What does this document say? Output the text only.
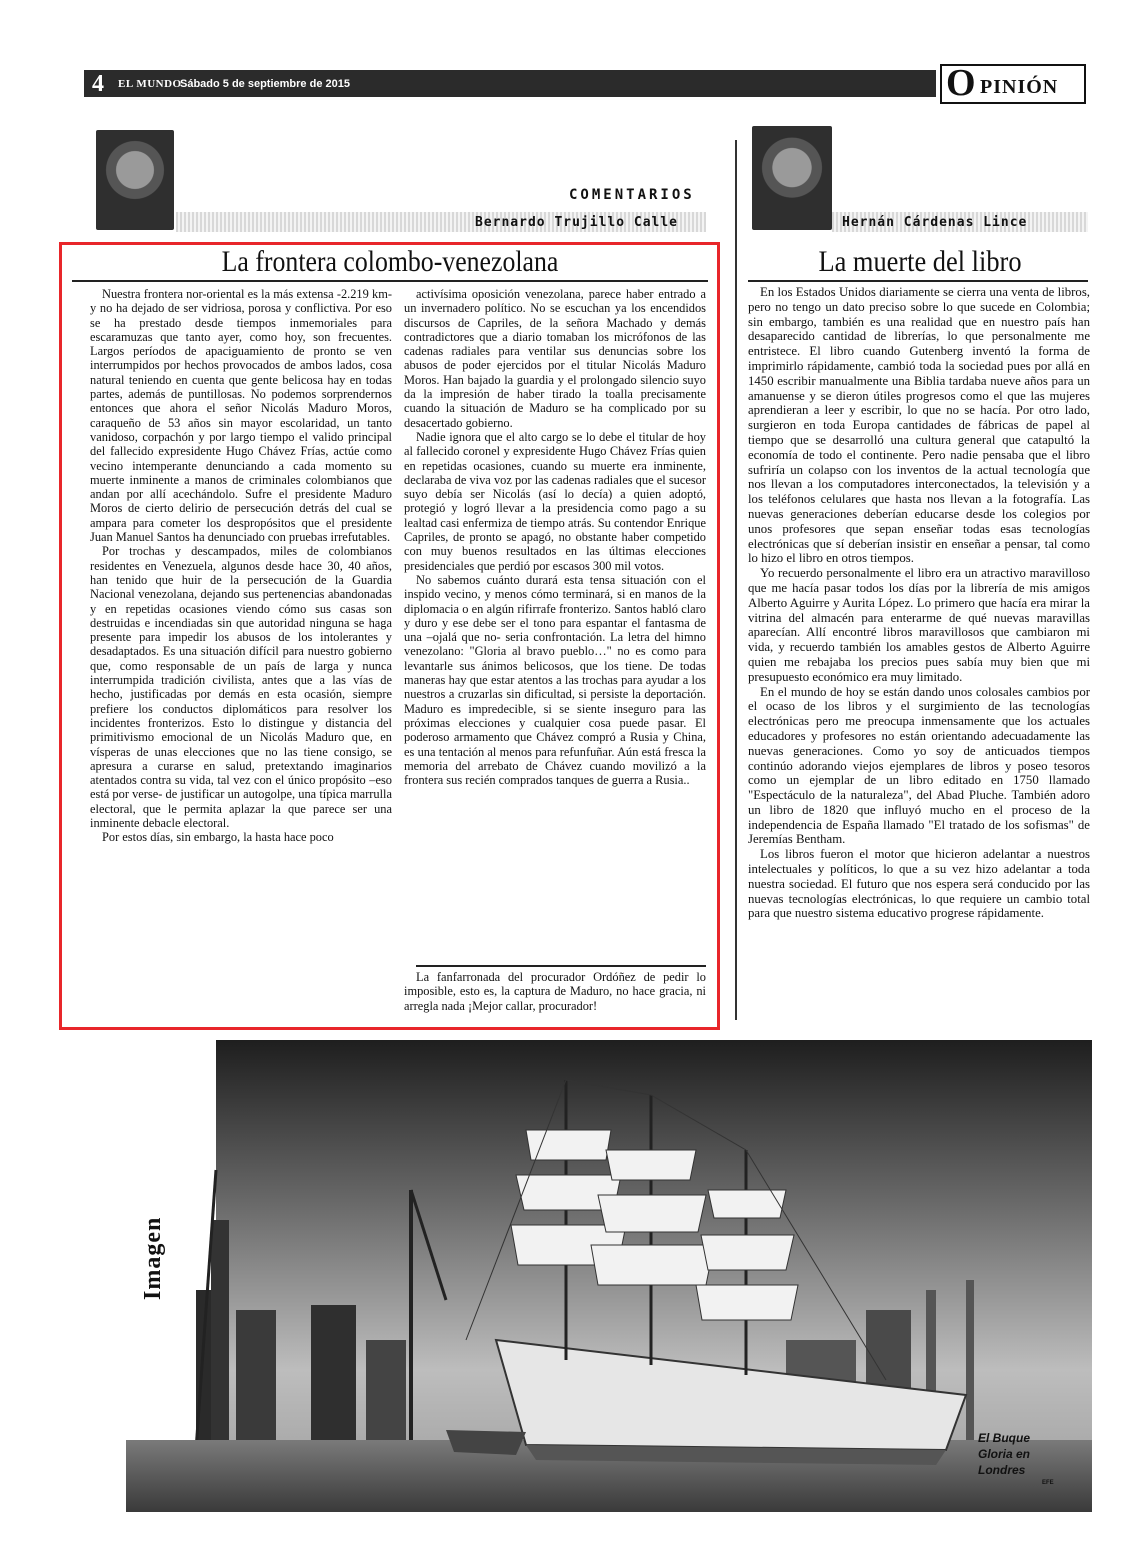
4 EL MUNDO
Sábado 5 de septiembre de 2015	O PINIÓN
COMENTARIOS
Bernardo Trujillo Calle	Hernán Cárdenas Lince
La frontera colombo-venezolana

Nuestra frontera nor-oriental es la más extensa -2.219 km- y no ha dejado de ser vidriosa, porosa y conflictiva. Por eso se ha prestado desde tiempos inmemoriales para escaramuzas que tanto ayer, como hoy, son frecuentes. Largos períodos de apaciguamiento de pronto se ven interrumpidos por hechos provocados de ambos lados, cosa natural teniendo en cuenta que gente belicosa hay en todas partes, además de puntillosas. No podemos sorprendernos entonces que ahora el señor Nicolás Maduro Moros, caraqueño de 53 años sin mayor escolaridad, un tanto vanidoso, corpachón y por largo tiempo el valido principal del fallecido expresidente Hugo Chávez Frías, actúe como vecino intemperante denunciando a cada momento su muerte inminente a manos de criminales colombianos que andan por allí acechándolo. Sufre el presidente Maduro Moros de cierto delirio de persecución detrás del cual se ampara para cometer los despropósitos que el presidente Juan Manuel Santos ha denunciado con pruebas irrefutables.

Por trochas y descampados, miles de colombianos residentes en Venezuela, algunos desde hace 30, 40 años, han tenido que huir de la persecución de la Guardia Nacional venezolana, dejando sus pertenencias abandonadas y en repetidas ocasiones viendo cómo sus casas son destruidas e incendiadas sin que autoridad ninguna se haga presente para impedir los abusos de los intolerantes y desadaptados. Es una situación difícil para nuestro gobierno que, como responsable de un país de larga y nunca interrumpida tradición civilista, antes que a las vías de hecho, justificadas por demás en esta ocasión, siempre prefiere los conductos diplomáticos para resolver los incidentes fronterizos. Esto lo distingue y distancia del primitivismo emocional de un Nicolás Maduro que, en vísperas de unas elecciones que no las tiene consigo, se apresura a curarse en salud, pretextando imaginarios atentados contra su vida, tal vez con el único propósito –eso está por verse- de justificar un autogolpe, una típica marrulla electoral, que le permita aplazar la que parece ser una inminente debacle electoral.

Por estos días, sin embargo, la hasta hace poco

activísima oposición venezolana, parece haber entrado a un invernadero político. No se escuchan ya los encendidos discursos de Capriles, de la señora Machado y demás contradictores que a diario tomaban los micrófonos de las cadenas radiales para ventilar sus denuncias sobre los abusos de poder ejercidos por el titular Nicolás Maduro Moros. Han bajado la guardia y el prolongado silencio suyo da la impresión de haber tirado la toalla precisamente cuando la situación de Maduro se ha complicado por su desacertado gobierno.

Nadie ignora que el alto cargo se lo debe el titular de hoy al fallecido coronel y expresidente Hugo Chávez Frías quien en repetidas ocasiones, cuando su muerte era inminente, declaraba de viva voz por las cadenas radiales que el sucesor suyo debía ser Nicolás (así lo decía) a quien adoptó, protegió y logró llevar a la presidencia como pago a su lealtad casi enfermiza de tiempo atrás. Su contendor Enrique Capriles, de pronto se apagó, no obstante haber competido con muy buenos resultados en las últimas elecciones presidenciales que perdió por escasos 300 mil votos.

No sabemos cuánto durará esta tensa situación con el inspido vecino, y menos cómo terminará, si en manos de la diplomacia o en algún rifirrafe fronterizo. Santos habló claro y duro y ese debe ser el tono para espantar el fantasma de una –ojalá que no- seria confrontación. La letra del himno venezolano: "Gloria al bravo pueblo…" no es como para levantarle sus ánimos belicosos, que los tiene. De todas maneras hay que estar atentos a las trochas para ayudar a los nuestros a cruzarlas sin dificultad, si persiste la deportación. Maduro es impredecible, si se siente inseguro para las próximas elecciones y cualquier cosa puede pasar. El poderoso armamento que Chávez compró a Rusia y China, es una tentación al menos para refunfuñar. Aún está fresca la memoria del arrebato de Chávez cuando movilizó a la frontera sus recién comprados tanques de guerra a Rusia..

La fanfarronada del procurador Ordóñez de pedir lo imposible, esto es, la captura de Maduro, no hace gracia, ni arregla nada ¡Mejor callar, procurador!
La muerte del libro

En los Estados Unidos diariamente se cierra una venta de libros, pero no tengo un dato preciso sobre lo que sucede en Colombia; sin embargo, también es una realidad que en nuestro país han desaparecido cantidad de librerías, lo que personalmente me entristece. El libro cuando Gutenberg inventó la forma de imprimirlo rápidamente, cambió toda la sociedad pues por allá en 1450 escribir manualmente una Biblia tardaba nueve años para un amanuense y se dieron útiles progresos como el que las mujeres aprendieran a leer y escribir, lo que no se hacía. Por otro lado, surgieron en toda Europa cantidades de fábricas de papel al tiempo que se desarrolló una cultura general que catapultó la economía de todo el continente. Pero nadie pensaba que el libro sufriría un colapso con los inventos de la actual tecnología que nos llevan a los computadores interconectados, la televisión y a los teléfonos celulares que hasta nos llevan a la fotografía. Las nuevas generaciones deberían educarse desde los colegios por unos profesores que sepan enseñar todas esas tecnologías electrónicas que sí deberían insistir en enseñar a pensar, tal como lo hizo el libro en otros tiempos.

Yo recuerdo personalmente el libro era un atractivo maravilloso que me hacía pasar todos los días por la librería de mis amigos Alberto Aguirre y Aurita López. Lo primero que hacía era mirar la vitrina del almacén para enterarme de qué nuevas maravillas aparecían. Allí encontré libros maravillosos que cambiaron mi vida, y recuerdo también los amables gestos de Alberto Aguirre quien me rebajaba los precios pues sabía muy bien que mi presupuesto económico era muy limitado.

En el mundo de hoy se están dando unos colosales cambios por el ocaso de los libros y el surgimiento de las tecnologías electrónicas pero me preocupa inmensamente que los actuales educadores y profesores no están orientando adecuadamente las nuevas generaciones. Como yo soy de anticuados tiempos continúo adorando viejos ejemplares de libros y poseo tesoros como un ejemplar de un libro editado en 1750 llamado "Espectáculo de la naturaleza", del Abad Pluche. También adoro un libro de 1820 que influyó mucho en el proceso de la independencia de España llamado "El tratado de los sofismas" de Jeremías Bentham.

Los libros fueron el motor que hicieron adelantar a nuestros intelectuales y políticos, lo que a su vez hizo adelantar a toda nuestra sociedad. El futuro que nos espera será conducido por las nuevas tecnologías electrónicas, lo que requiere un cambio total para que nuestro sistema educativo progrese rápidamente.

Imagen
El Buque Gloria en Londres
EFE
